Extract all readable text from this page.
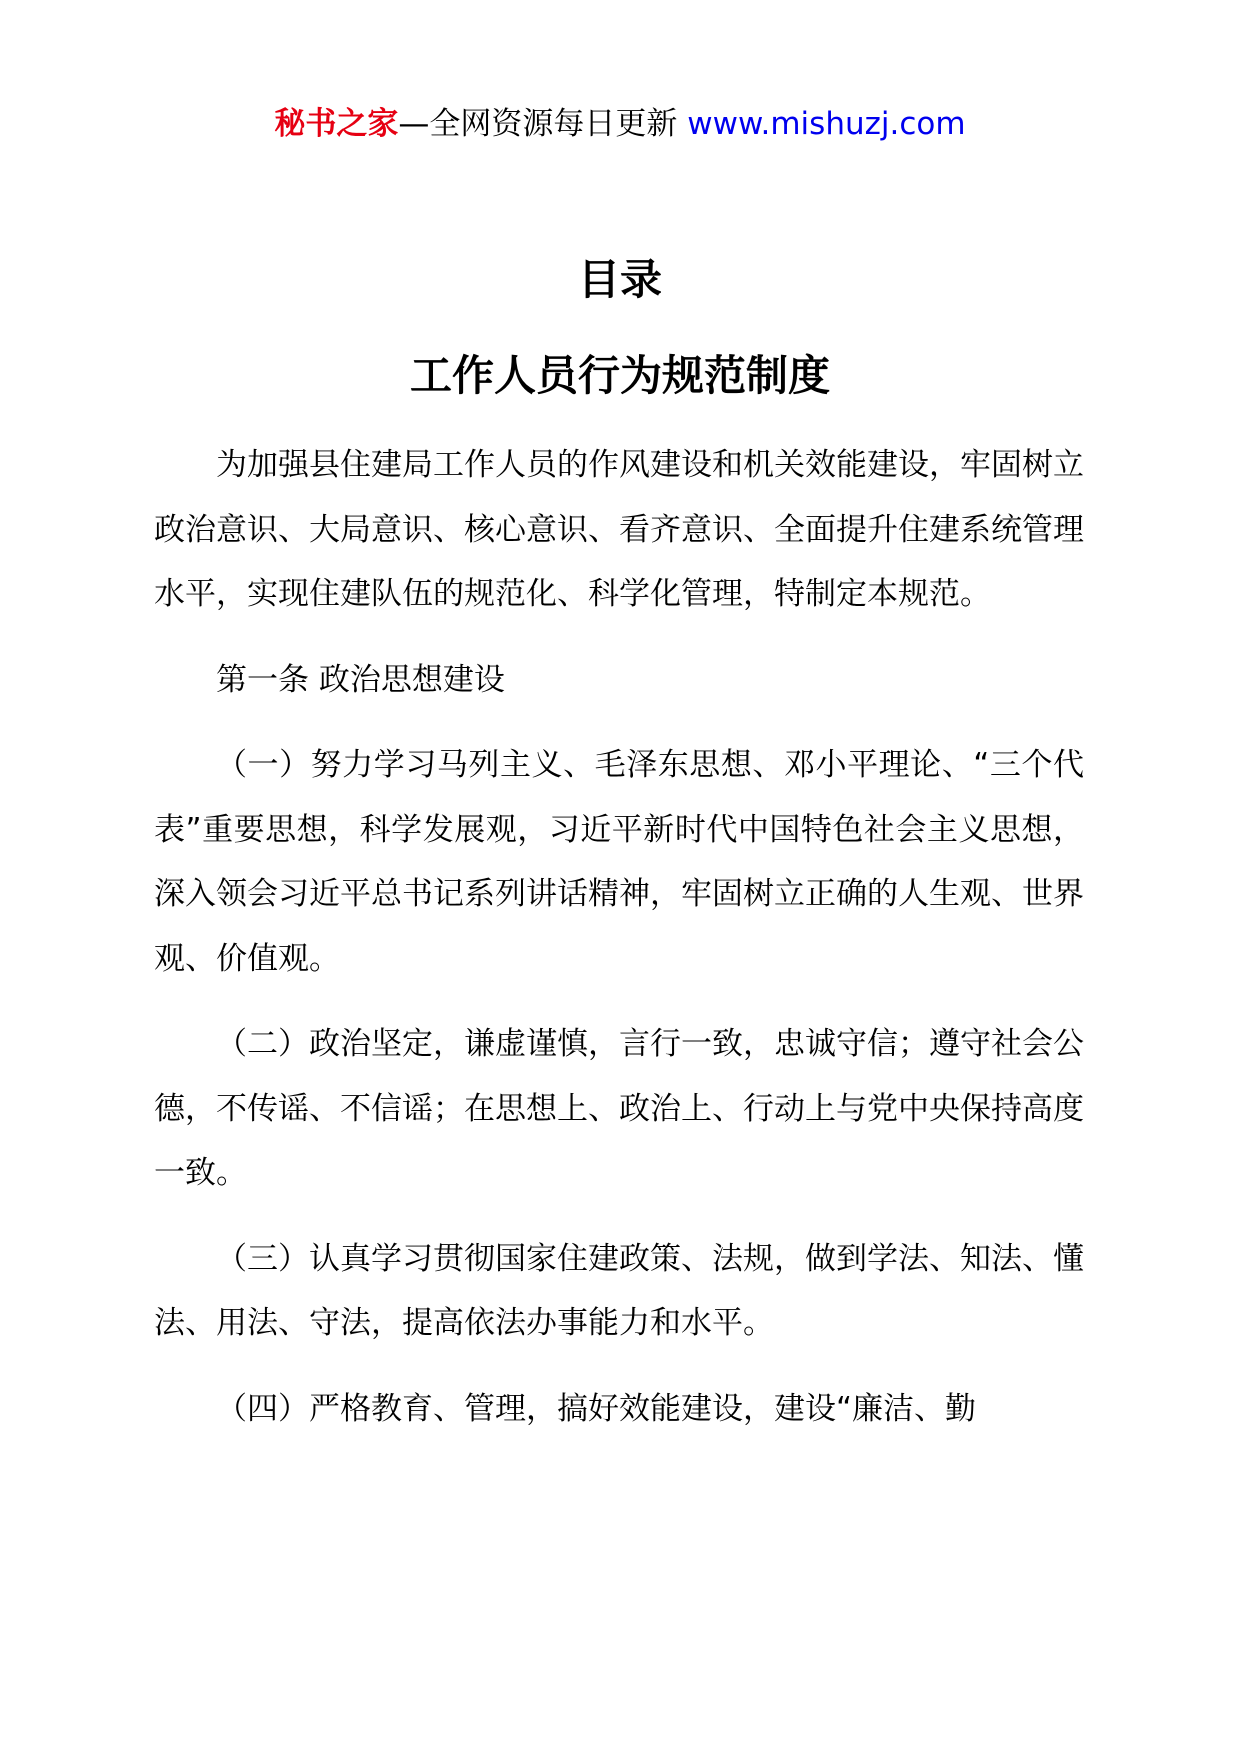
秘书之家—全网资源每日更新 www.mishuzj.com
目录
工作人员行为规范制度

为加强县住建局工作人员的作风建设和机关效能建设，牢固树立政治意识、大局意识、核心意识、看齐意识、全面提升住建系统管理水平，实现住建队伍的规范化、科学化管理，特制定本规范。

第一条 政治思想建设

（一）努力学习马列主义、毛泽东思想、邓小平理论、“三个代表”重要思想，科学发展观，习近平新时代中国特色社会主义思想，深入领会习近平总书记系列讲话精神，牢固树立正确的人生观、世界观、价值观。

（二）政治坚定，谦虚谨慎，言行一致，忠诚守信；遵守社会公德，不传谣、不信谣；在思想上、政治上、行动上与党中央保持高度一致。

（三）认真学习贯彻国家住建政策、法规，做到学法、知法、懂法、用法、守法，提高依法办事能力和水平。

（四）严格教育、管理，搞好效能建设，建设“廉洁、勤
